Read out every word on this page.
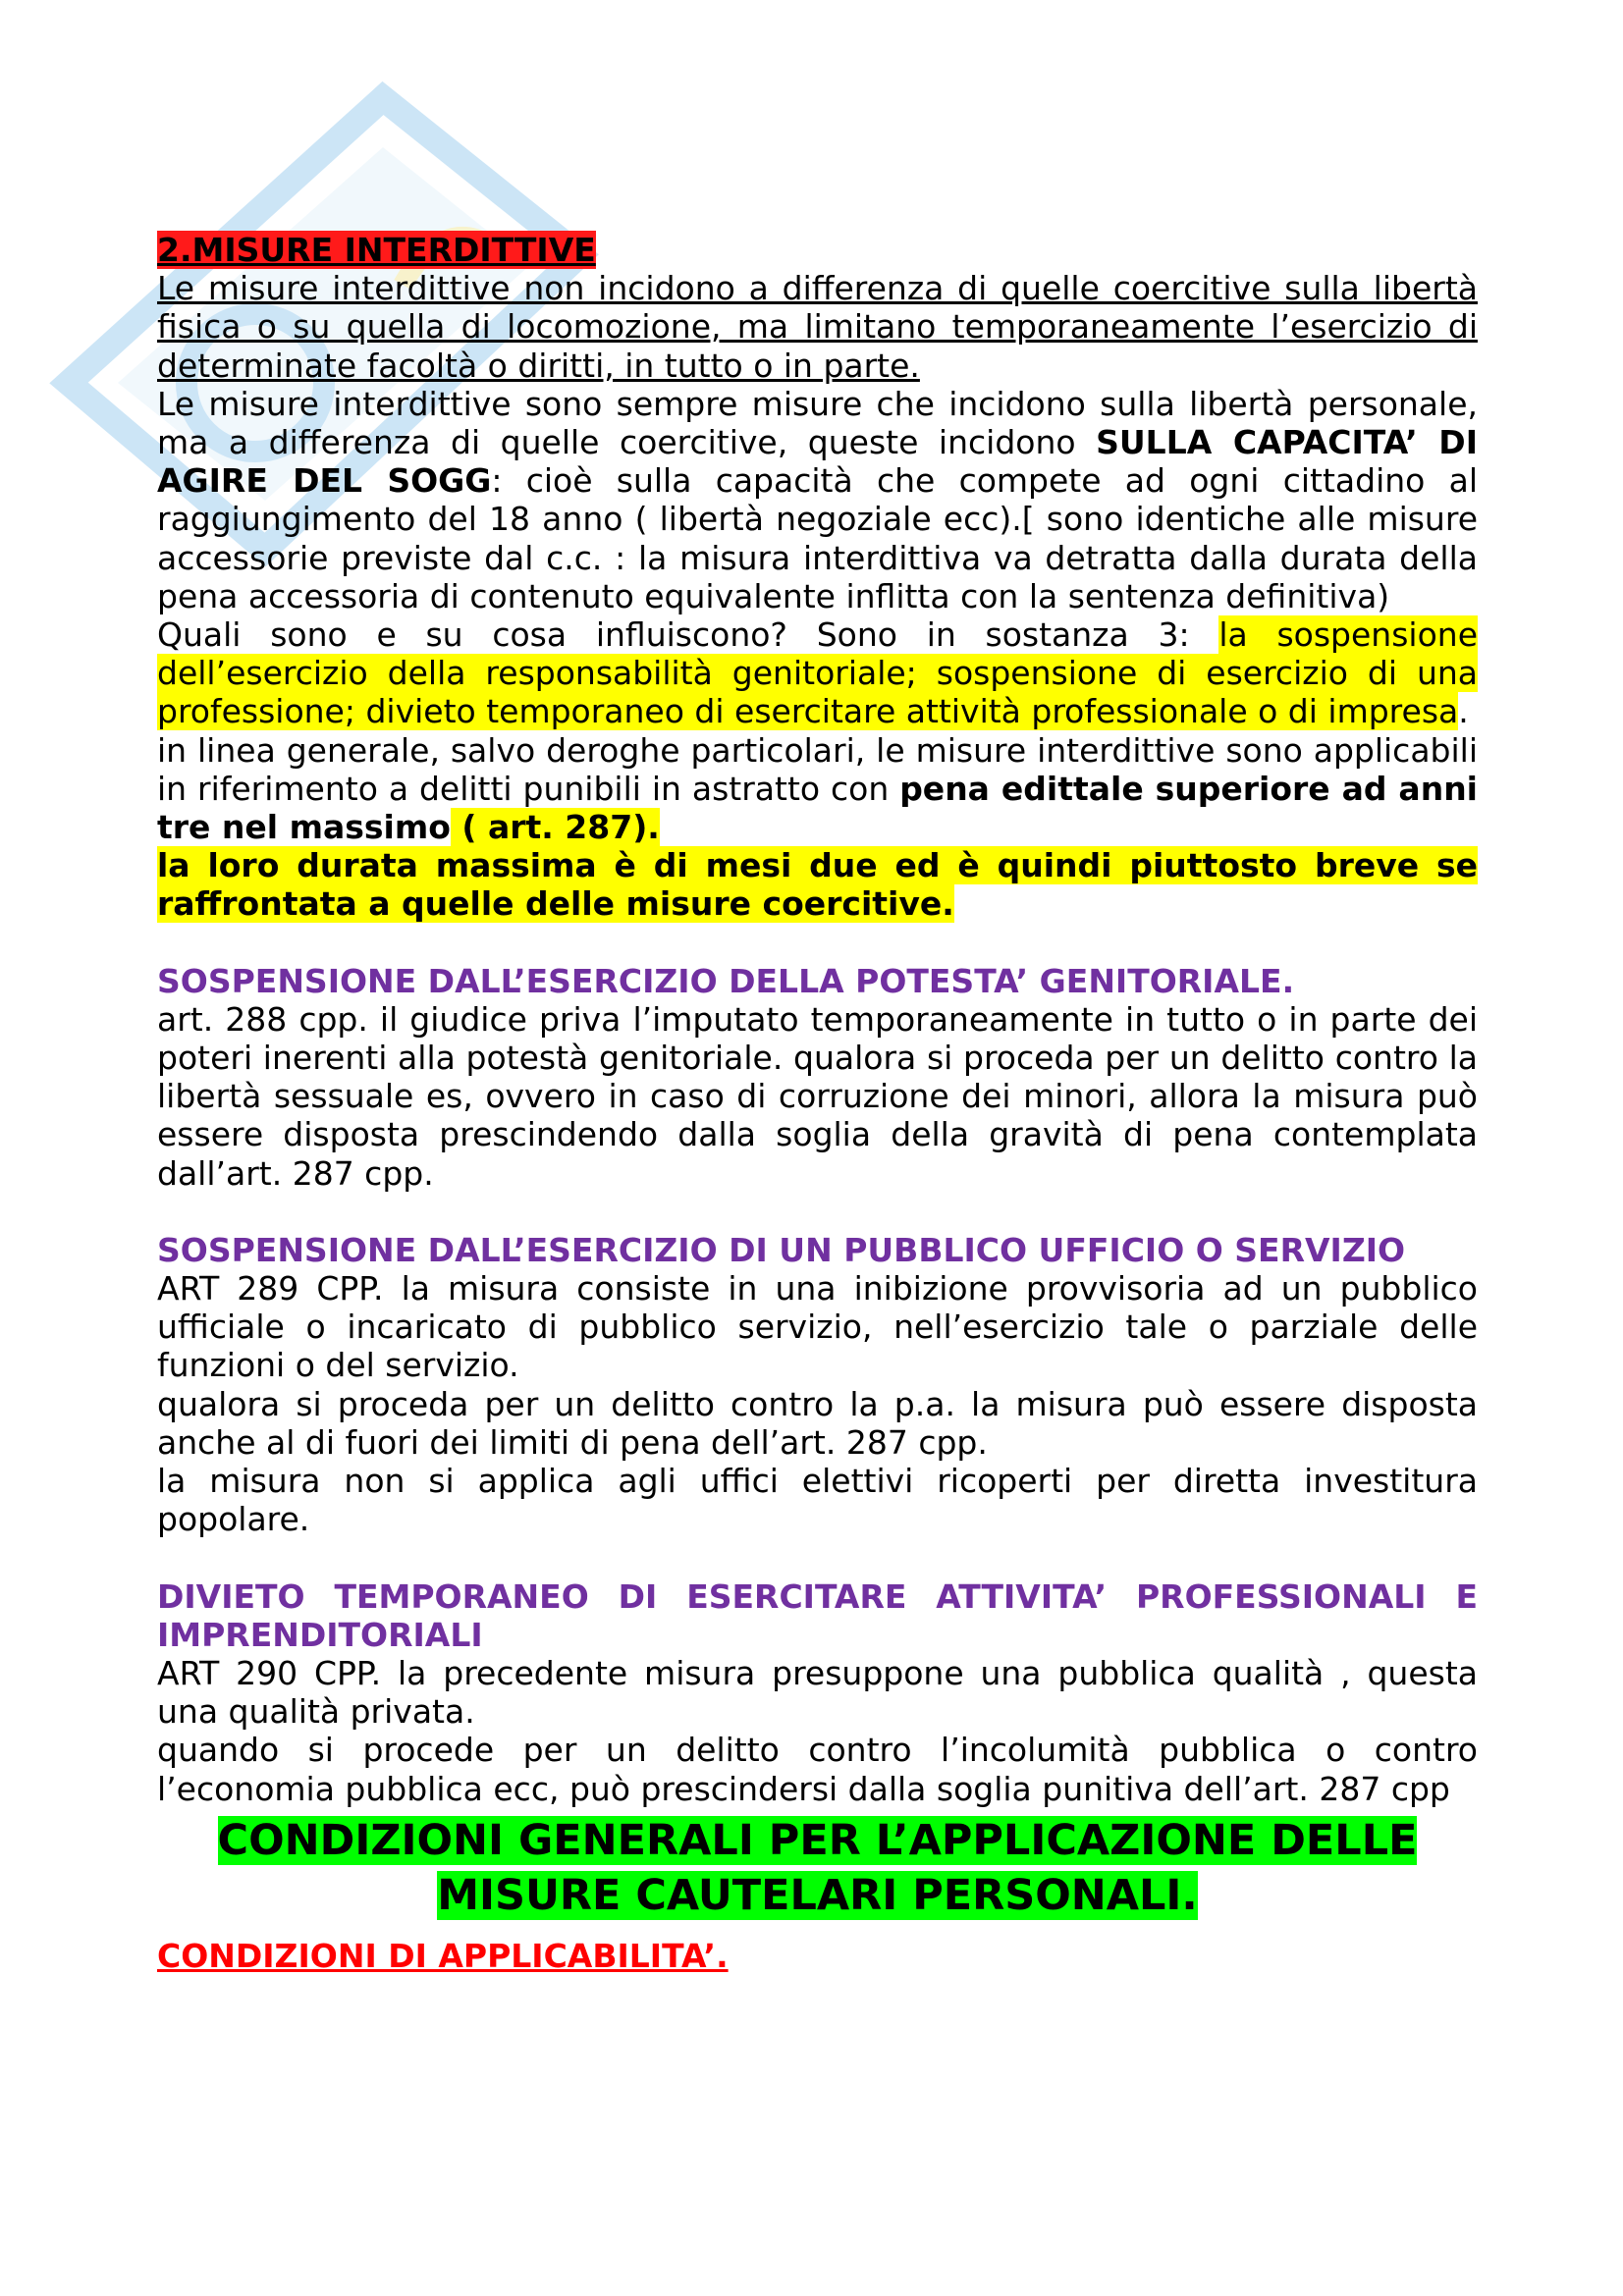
2.MISURE INTERDITTIVE

Le misure interdittive non incidono a differenza di quelle coercitive sulla libertà fisica o su quella di locomozione, ma limitano temporaneamente l’esercizio di determinate facoltà o diritti, in tutto o in parte.

Le misure interdittive sono sempre misure che incidono sulla libertà personale, ma a differenza di quelle coercitive, queste incidono SULLA CAPACITA’ DI AGIRE DEL SOGG: cioè sulla capacità che compete ad ogni cittadino al raggiungimento del 18 anno ( libertà negoziale ecc).[ sono identiche alle misure accessorie previste dal c.c. : la misura interdittiva va detratta dalla durata della pena accessoria di contenuto equivalente inflitta con la sentenza definitiva)

Quali sono e su cosa influiscono? Sono in sostanza 3: la sospensione dell’esercizio della responsabilità genitoriale; sospensione di esercizio di una professione; divieto temporaneo di esercitare attività professionale o di impresa.

in linea generale, salvo deroghe particolari, le misure interdittive sono applicabili in riferimento a delitti punibili in astratto con pena edittale superiore ad anni tre nel massimo ( art. 287).

la loro durata massima è di mesi due ed è quindi piuttosto breve se raffrontata a quelle delle misure coercitive.

SOSPENSIONE DALL’ESERCIZIO DELLA POTESTA’ GENITORIALE.

art. 288 cpp. il giudice priva l’imputato temporaneamente in tutto o in parte dei poteri inerenti alla potestà genitoriale. qualora si proceda per un delitto contro la libertà sessuale es, ovvero in caso di corruzione dei minori, allora la misura può essere disposta prescindendo dalla soglia della gravità di pena contemplata dall’art. 287 cpp.

SOSPENSIONE DALL’ESERCIZIO DI UN PUBBLICO UFFICIO O SERVIZIO

ART 289 CPP. la misura consiste in una inibizione provvisoria ad un pubblico ufficiale o incaricato di pubblico servizio, nell’esercizio tale o parziale delle funzioni o del servizio.

qualora si proceda per un delitto contro la p.a. la misura può essere disposta anche al di fuori dei limiti di pena dell’art. 287 cpp.

la misura non si applica agli uffici elettivi ricoperti per diretta investitura popolare.

DIVIETO TEMPORANEO DI ESERCITARE ATTIVITA’ PROFESSIONALI E IMPRENDITORIALI

ART 290 CPP. la precedente misura presuppone una pubblica qualità , questa una qualità privata.

quando si procede per un delitto contro l’incolumità pubblica o contro l’economia pubblica ecc, può prescindersi dalla soglia punitiva dell’art. 287 cpp

CONDIZIONI GENERALI PER L’APPLICAZIONE DELLE
MISURE CAUTELARI PERSONALI.

CONDIZIONI DI APPLICABILITA’.
